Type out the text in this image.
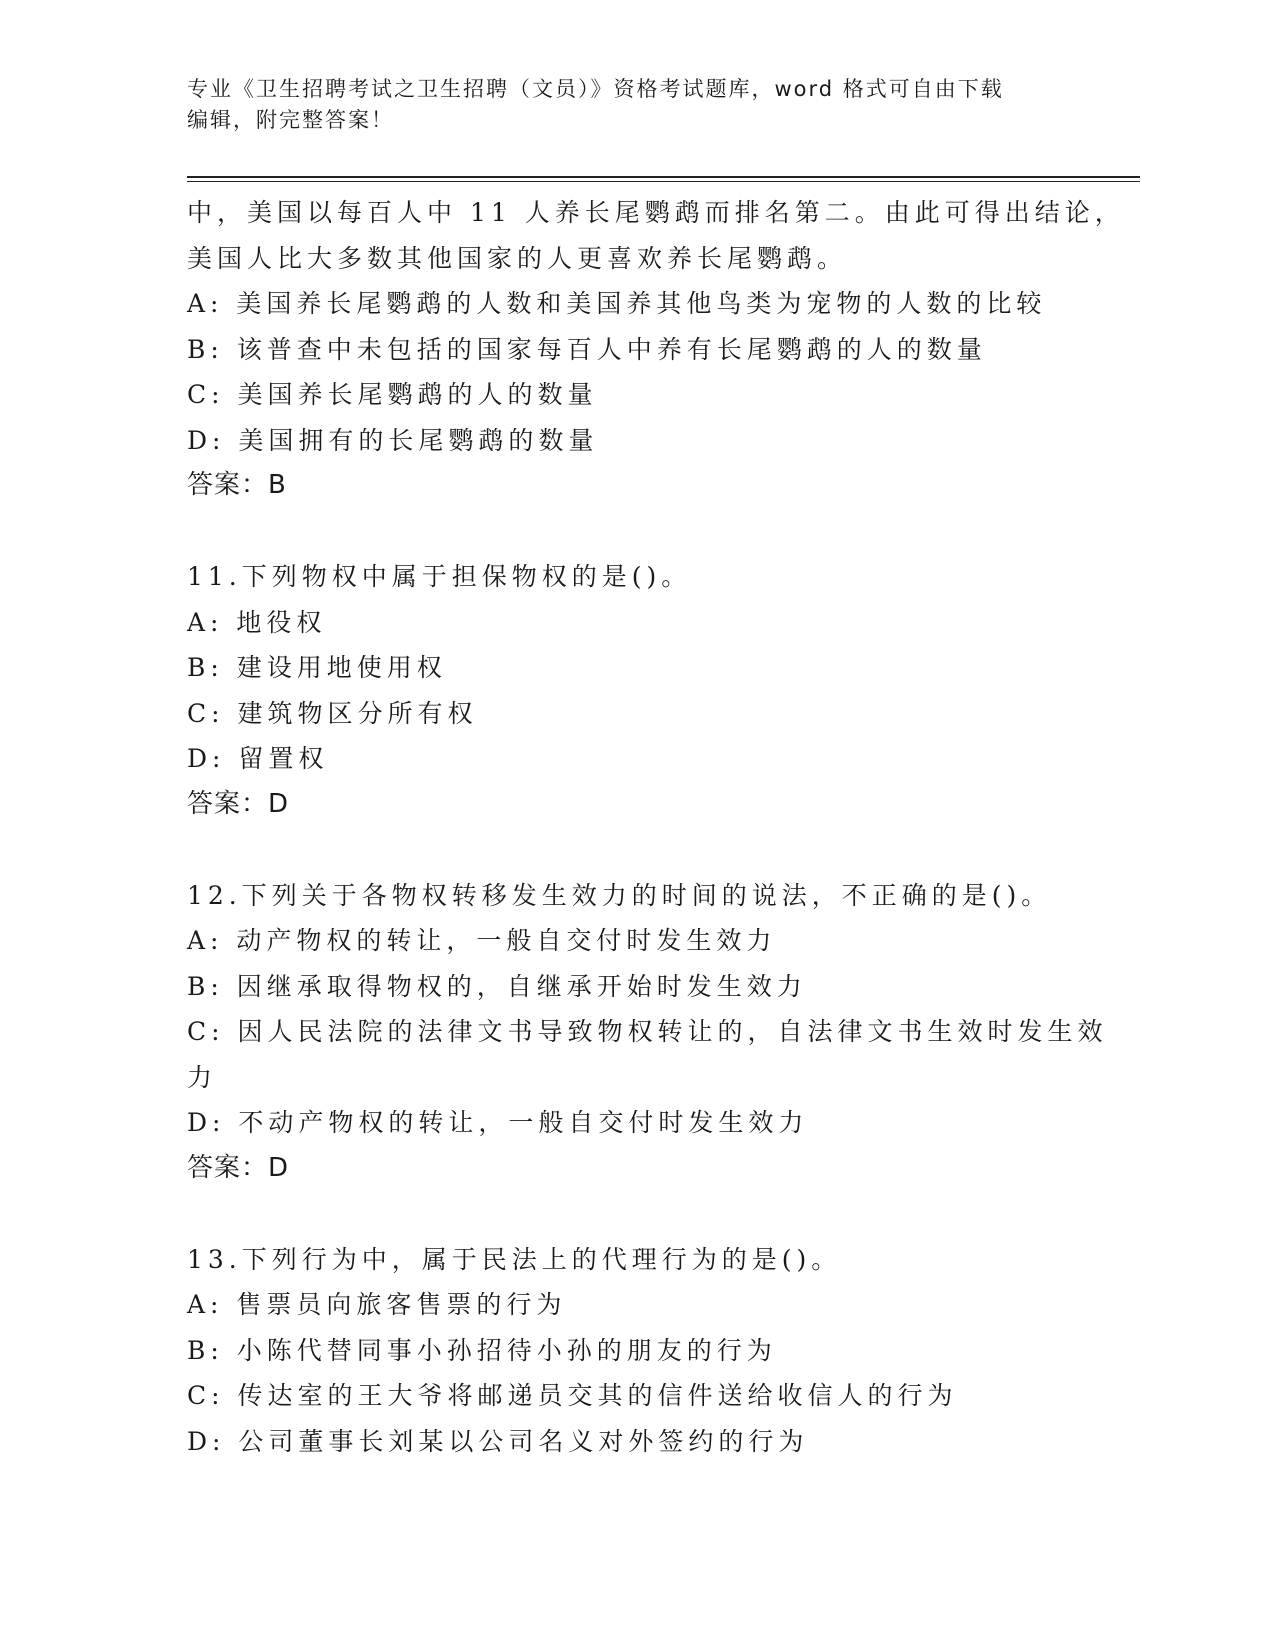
专业《卫生招聘考试之卫生招聘（文员）》资格考试题库，word 格式可自由下载
编辑，附完整答案！
中，美国以每百人中 11 人养长尾鹦鹉而排名第二。由此可得出结论，
美国人比大多数其他国家的人更喜欢养长尾鹦鹉。
A: 美国养长尾鹦鹉的人数和美国养其他鸟类为宠物的人数的比较
B: 该普查中未包括的国家每百人中养有长尾鹦鹉的人的数量
C: 美国养长尾鹦鹉的人的数量
D: 美国拥有的长尾鹦鹉的数量
答案：B
11.下列物权中属于担保物权的是()。
A: 地役权
B: 建设用地使用权
C: 建筑物区分所有权
D: 留置权
答案：D
12.下列关于各物权转移发生效力的时间的说法，不正确的是()。
A: 动产物权的转让，一般自交付时发生效力
B: 因继承取得物权的，自继承开始时发生效力
C: 因人民法院的法律文书导致物权转让的，自法律文书生效时发生效
力
D: 不动产物权的转让，一般自交付时发生效力
答案：D
13.下列行为中，属于民法上的代理行为的是()。
A: 售票员向旅客售票的行为
B: 小陈代替同事小孙招待小孙的朋友的行为
C: 传达室的王大爷将邮递员交其的信件送给收信人的行为
D: 公司董事长刘某以公司名义对外签约的行为
